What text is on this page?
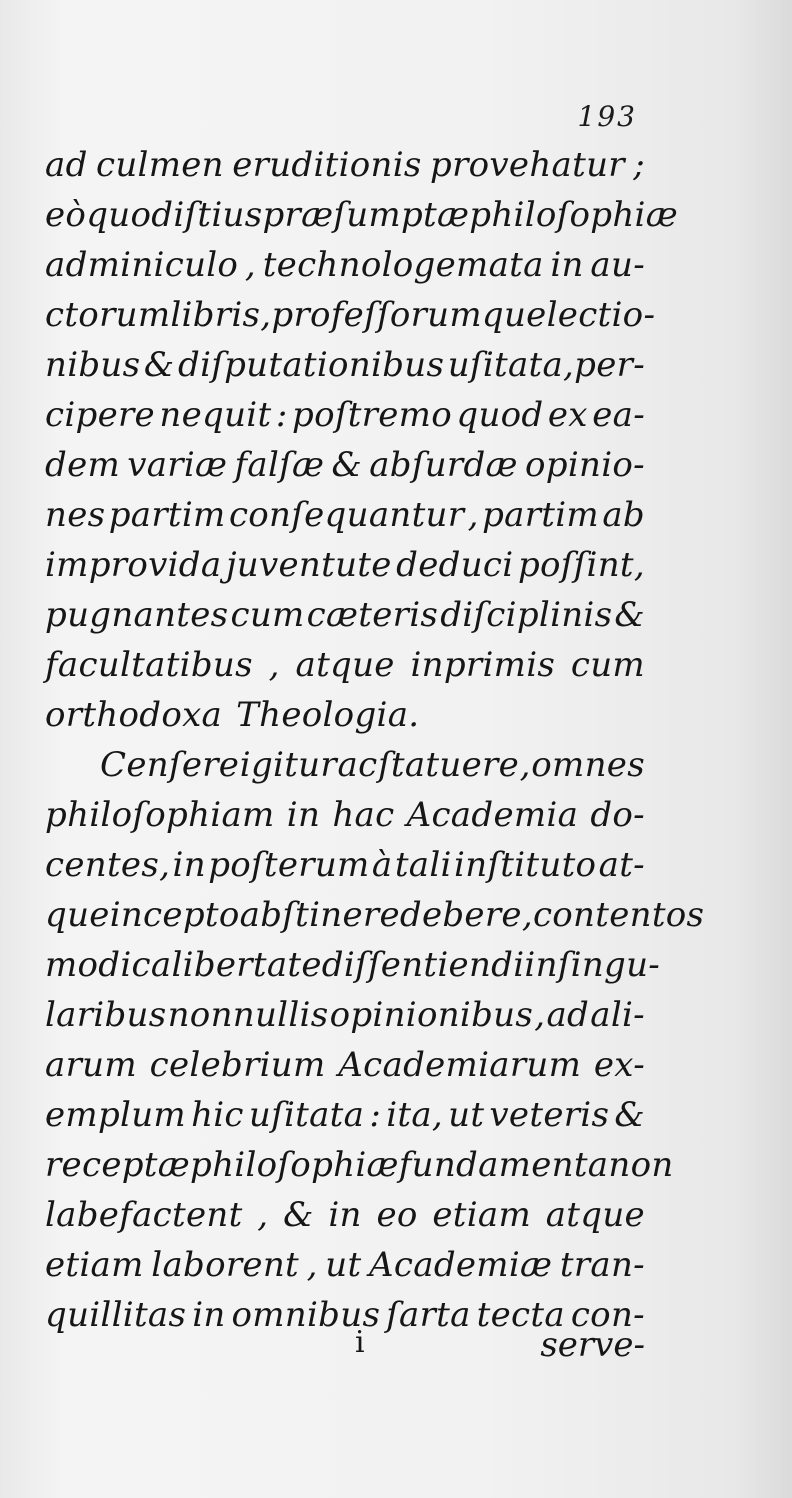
193
ad culmen eruditionis provehatur ;
eò quod iſtius præſumptæ philoſophiæ
adminiculo , technologemata in au-
ctorum libris , profeſſorumque lectio-
nibus & diſputationibus uſitata,per-
cipere nequit : poſtremo quod ex ea-
dem variæ falſæ & abſurdæ opinio-
nes partim conſequantur , partim ab
improvida juventute deduci poſſint,
pugnantes cum cæteris diſciplinis &
facultatibus , atque inprimis cum
orthodoxa Theologia.
Cenſere igitur ac ſtatuere , omnes
philoſophiam in hac Academia do-
centes, in poſterum à tali inſtituto at-
que incepto abſtinere debere, contentos
modica libertate diſſentiendi in ſingu-
laribus nonnullis opinionibus , ad ali-
arum celebrium Academiarum ex-
emplum hic uſitata : ita, ut veteris &
receptæ philoſophiæ fundamenta non
labefactent , & in eo etiam atque
etiam laborent , ut Academiæ tran-
quillitas in omnibus ſarta tecta con-
i	serve-
